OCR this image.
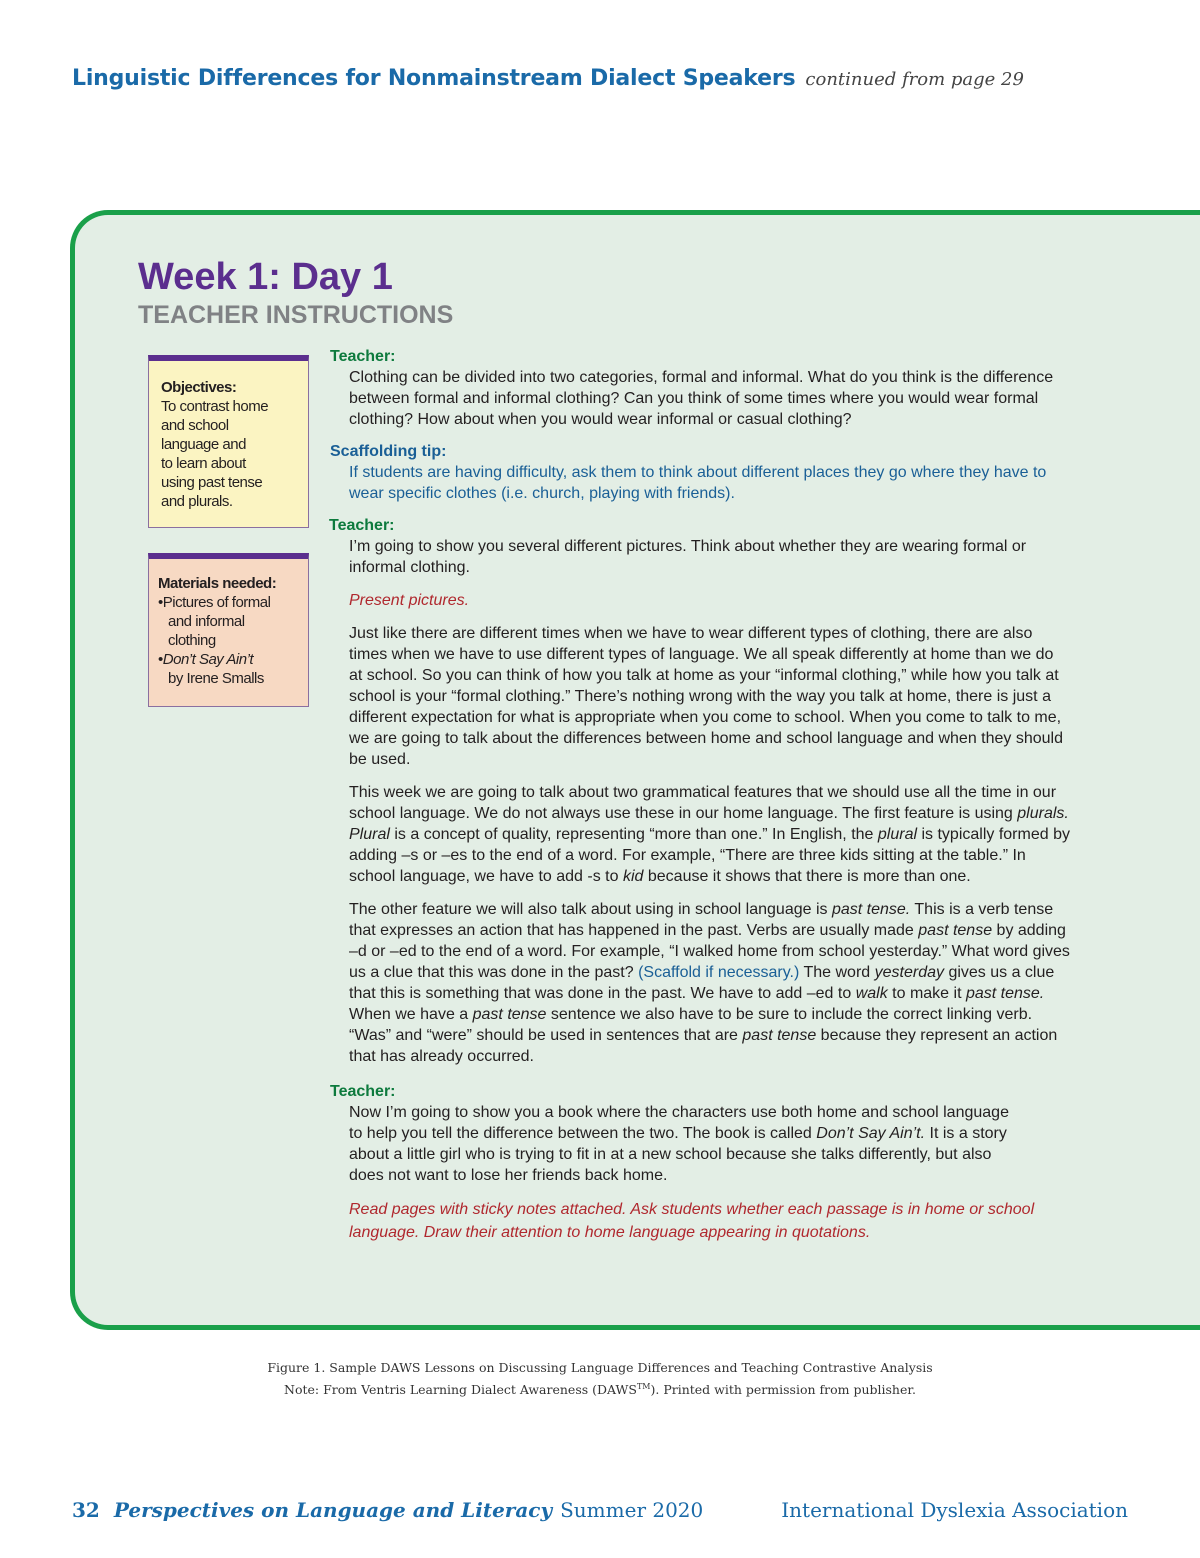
Linguistic Differences for Nonmainstream Dialect Speakers continued from page 29
Week 1: Day 1
TEACHER INSTRUCTIONS
Objectives:
To contrast home
and school
language and
to learn about
using past tense
and plurals.
Materials needed:
• Pictures of formal
and informal
clothing
• Don’t Say Ain’t
by Irene Smalls

Teacher:

Clothing can be divided into two categories, formal and informal. What do you think is the difference between formal and informal clothing? Can you think of some times where you would wear formal clothing? How about when you would wear informal or casual clothing?

Scaffolding tip:

If students are having difficulty, ask them to think about different places they go where they have to wear specific clothes (i.e. church, playing with friends).

Teacher:

I’m going to show you several different pictures. Think about whether they are wearing formal or informal clothing.

Present pictures.

Just like there are different times when we have to wear different types of clothing, there are also times when we have to use different types of language. We all speak differently at home than we do at school. So you can think of how you talk at home as your “informal clothing,” while how you talk at school is your “formal clothing.” There’s nothing wrong with the way you talk at home, there is just a different expectation for what is appropriate when you come to school. When you come to talk to me, we are going to talk about the differences between home and school language and when they should be used.

This week we are going to talk about two grammatical features that we should use all the time in our school language. We do not always use these in our home language. The first feature is using plurals. Plural is a concept of quality, representing “more than one.” In English, the plural is typically formed by adding –s or –es to the end of a word. For example, “There are three kids sitting at the table.” In school language, we have to add -s to kid because it shows that there is more than one.

The other feature we will also talk about using in school language is past tense. This is a verb tense that expresses an action that has happened in the past. Verbs are usually made past tense by adding –d or –ed to the end of a word. For example, “I walked home from school yesterday.” What word gives us a clue that this was done in the past? (Scaffold if necessary.) The word yesterday gives us a clue that this is something that was done in the past. We have to add –ed to walk to make it past tense. When we have a past tense sentence we also have to be sure to include the correct linking verb. “Was” and “were” should be used in sentences that are past tense because they represent an action that has already occurred.

Teacher:

Now I’m going to show you a book where the characters use both home and school language to help you tell the difference between the two. The book is called Don’t Say Ain’t. It is a story about a little girl who is trying to fit in at a new school because she talks differently, but also does not want to lose her friends back home.

Read pages with sticky notes attached. Ask students whether each passage is in home or school language. Draw their attention to home language appearing in quotations.

Figure 1. Sample DAWS Lessons on Discussing Language Differences and Teaching Contrastive Analysis
Note: From Ventris Learning Dialect Awareness (DAWS™). Printed with permission from publisher.
32 Perspectives on Language and Literacy Summer 2020	International Dyslexia Association
